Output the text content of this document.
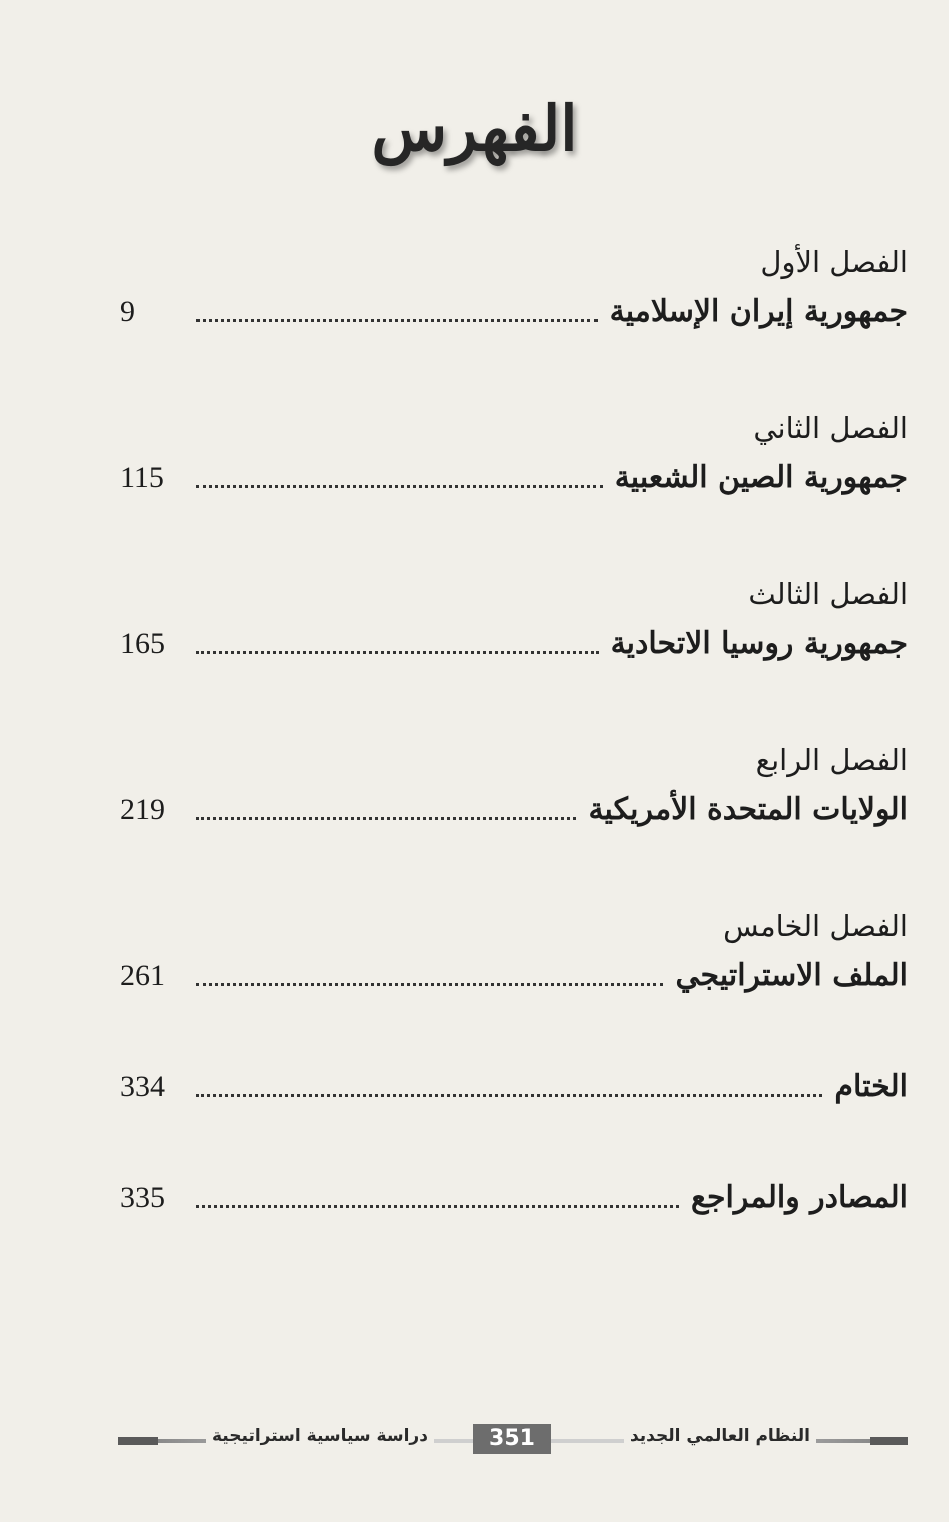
الفهرس
الفصل الأول
جمهورية إيران الإسلامية
9
الفصل الثاني
جمهورية الصين الشعبية
115
الفصل الثالث
جمهورية روسيا الاتحادية
165
الفصل الرابع
الولايات المتحدة الأمريكية
219
الفصل الخامس
الملف الاستراتيجي
261
الختام
334
المصادر والمراجع
335
النظام العالمي الجديد
351
دراسة سياسية استراتيجية
